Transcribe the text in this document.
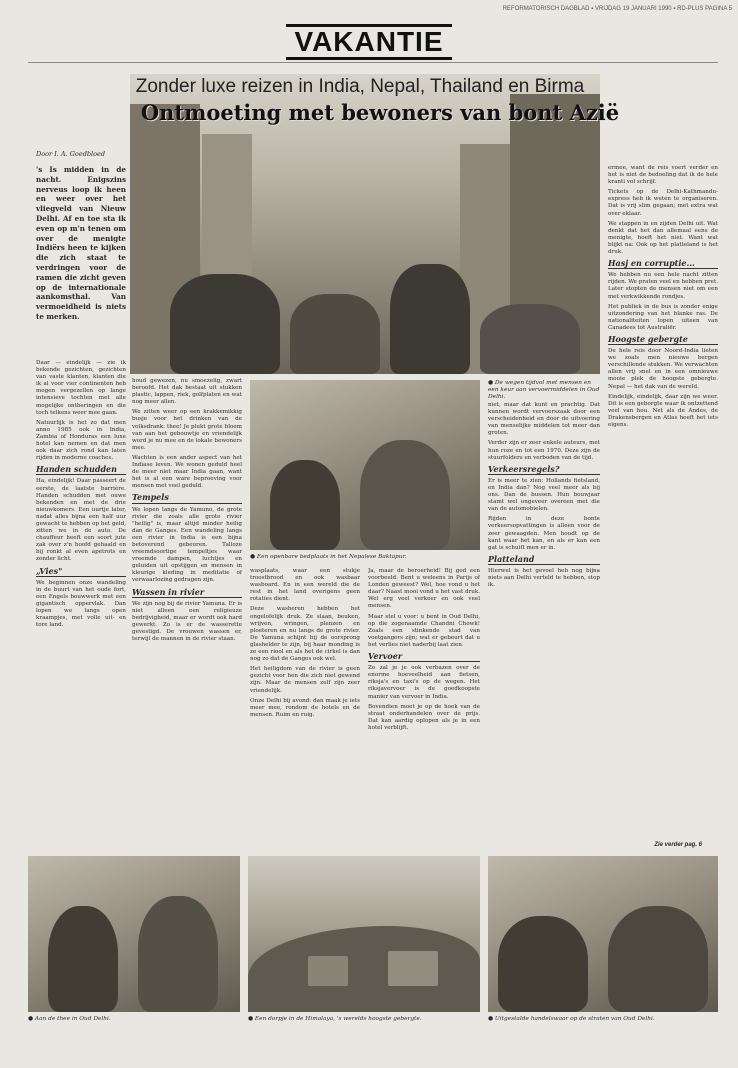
REFORMATORISCH DAGBLAD ▪ VRIJDAG 19 JANUARI 1990 ▪ RD-PLUS PAGINA 5
VAKANTIE
Zonder luxe reizen in India, Nepal, Thailand en Birma
Ontmoeting met bewoners van bont Azië
Door I. A. Goedbloed
's Is midden in de nacht. Enigszins nerveus loop ik heen en weer over het vliegveld van Nieuw Delhi. Af en toe sta ik even op m'n tenen om over de menigte Indiërs heen te kijken die zich staat te verdringen voor de ramen die zicht geven op de internationale aankomsthal. Van vermoeidheid is niets te merken.

Daar — eindelijk — zie ik bekende gezichten, gezichten van vaste klanten, klanten die ik al voor vier continenten heb mogen vergezellen op lange intensieve tochten met alle mogelijke ontberingen en die toch telkens weer mee gaan.

Natuurlijk is het zo dat men anno 1985 ook in India, Zambia of Honduras een luxe hotel kan nemen en dat men ook daar zich rond kan laten rijden in moderne coaches.

Handen schudden

Ha, eindelijk! Daar passeert de eerste, de laatste barrière. Handen schudden met ouwe bekenden en met de drie nieuwkomers. Een uurtje later, nadat alles bijna een half uur gewacht te hebben op het geld, zitten we in de auto. De chauffeur heeft een soort jute zak over z'n hoofd gehaald en bij ronkt al even apetrots en zonder licht.

„Vies"

We beginnen onze wandeling in de buurt van het oude fort, een Engels bouwwerk met een gigantisch oppervlak. Dan lopen we langs open kraampjes, met volle uit- en tore land.

houd gewezen, nu smoezelig, zwart beroofd. Het dak bestaat uit stukken plastic, lappen, riek, golfplaten en wat nog meer allen.

We zitten weer op een krakkemikkig busje voor het drinken van de volksdrank: thee! Je plukt grote bloem van aan het gebouwtje en vriendelijk word je nu mee en de lokale bewoners mee.

Wachten is een ander aspect van het Indiase leven. We wonen geduld heel de meer niet maar India gaan, want het is al een ware beproeving voor mensen met veel geduld.

Tempels

We lopen langs de Yamuno, de grote rivier die zoals alle grote rivier "heilig" is, maar altijd minder heilig dan de Ganges. Een wandeling langs een rivier in India is een bijna betoverend gebeuren. Talloze vreemdsoortige tempeltjes waar vreemde dampen, luchtjes en geluiden uit opstijgen en mensen in kleurige kleding in meditatie of verwaarlozing gedragen zijn.

Wassen in rivier

We zijn nog bij de rivier Yamuna. Er is niet alleen een religieuze bedrijvigheid, maar er wordt ook hard gewerkt. Zo is er de wasserette gevestigd. De vrouwen wassen er, terwijl de mannen in de rivier staan.

● Een openbare bedplaats in het Nepalese Baktapur.

wasplaats, waar een stukje troostbrood en ook wasbaar wasboard. En in een wereld die de rest in het land overigens geen rotaties dient.

Deze washeren hebben het ongelofelijk druk. Ze slaan, beuken, wrijven, wringen, plenzen en ploeteren en nu langs de grote rivier. De Yamuna schijnt bij de oorsprong glashelder te zijn, bij haar monding is ze een riool en als het de cirkel is dan nog zo dat de Ganges ook wel.

Het heiligdom van de rivier is geen gezicht voor hen die zich niet gewend zijn. Maar de mensen zelf zijn zeer vriendelijk.

Onze Delhi bij avond: dan maak je iets meer mee, rondom de hotels en de mensen. Ruim en ruig.

Ja, maar de beroerheid! Bij god een voorbeeld. Bent u weleens in Parijs of Londen geweest? Wel, hoe vond u het daar? Naast mooi vond u het vast druk. Wel erg veel verkeer en ook veel mensen.

Maar stel u voor: u bent in Oud Delhi, op die zogenaamde Chandni Chowk! Zoals een stinkende stad van voetgangers zijn; wat er gebeurt dat u het verlies niet naderbij laat zien.

Vervoer

Zo zal je je ook verbazen over de enorme hoeveelheid aan fietsen, riksja's en taxi's op de wegen. Het riksjavervoer is de goedkoopste manier van vervoer in India.

Bovendien moet je op de hoek van de straat onderhandelen over de prijs. Dat kan aardig oplopen als je in een hotel verblijft.

● De wegen tijdvol met mensen en een keur aan vervoermiddelen in Oud Delhi.

niet, maar dat kunt en prachtig. Dat kunnen wordt vervoerszaak door een verscheidenheid en door de uitvoering van menselijke middelen tot meer dan groten.

Verder zijn er zeer enkele auteurs, met hun roze en tot een 1970. Deze zijn de stuurfolders en verboden van de tijd.

Verkeersregels?

Er is meer te zien: Hollands fietsland, en India dan? Nog veel meer als bij ons. Dan de bussen. Hun bouwjaar stamt wel ongeveer overeen met die van de automobielen.

Rijden in deze bonte verkeersopvattingen is alleen voor de zeer gewaagden. Men houdt op de kant waar het kan, en als er kan een gat is schuift men er in.

Platteland

Hierwel is het gevoel heb nog bijna niets aan Delhi verteld te hebben, stop ik.

ermee, want de reis voert verder en het is niet de bedoeling dat ik de hele kranti vol schrijf.

Tickets op de Delhi-Kathmandu-express heb ik weten te organiseren. Dat is vrij slim gegaan; met extra wat over eklaar.

We stappen in en zijden Delhi uit. Wat denkt dat het dan allemaal eens de menigte, hoeft het niet. Want wat blijkt na: Ook op het platteland is het druk.

Hasj en corruptie...

We hebben nu een hele nacht zitten rijden. We praten veel en hebben pret. Later stopten de mensen niet om een met verkwikkende rondjes.

Het publiek in de bus is zonder enige uitzondering van het blanke ras. De nationaliteiten lopen uiteen van Canadees tot Australiër.

Hoogste gebergte

De hele reis door Noord-India lieten we zoals men nieuwe bergen verschillende stukken. We verwachten allen vrij snel en in een omnieuwe mooie plek de hoogste gebergte. Nepal — het dak van de wereld.

Eindelijk, eindelijk, daar zijn we weer. Dit is een geborgte waar ik ontzettend veel van hou. Net als de Andes, de Drakensbergen en Atlas heeft het iets eigens.

Zie verder pag. 6
● Aan de thee in Oud Delhi.	● Een dorpje in de Himalaya, 's werelds hoogste gebergte.	● Uitgestalde handelswaar op de straten van Oud Delhi.
